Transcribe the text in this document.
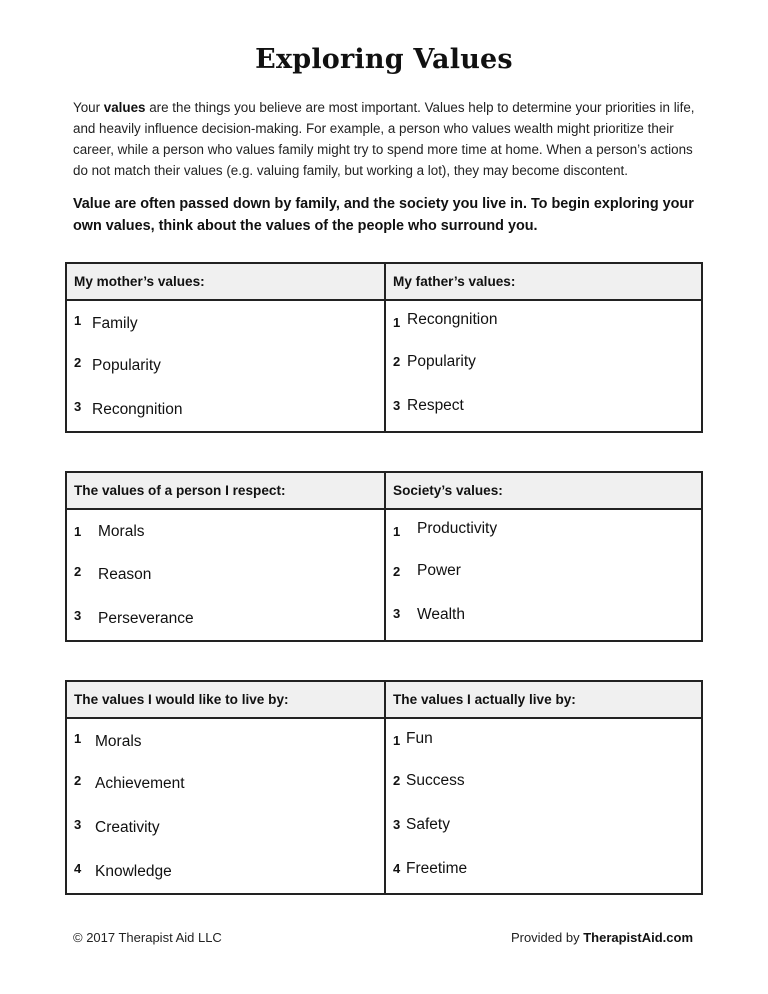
Exploring Values

Your values are the things you believe are most important. Values help to determine your priorities in life, and heavily influence decision-making. For example, a person who values wealth might prioritize their career, while a person who values family might try to spend more time at home. When a person’s actions do not match their values (e.g. valuing family, but working a lot), they may become discontent.

Value are often passed down by family, and the society you live in. To begin exploring your own values, think about the values of the people who surround you.

My mother’s values:
1 Family
2 Popularity
3 Recongnition
My father’s values:
1 Recongnition
2 Popularity
3 Respect
The values of a person I respect:
1 Morals
2 Reason
3 Perseverance
Society’s values:
1 Productivity
2 Power
3 Wealth
The values I would like to live by:
1 Morals
2 Achievement
3 Creativity
4 Knowledge
The values I actually live by:
1 Fun
2 Success
3 Safety
4 Freetime
© 2017 Therapist Aid LLC	Provided by TherapistAid.com
